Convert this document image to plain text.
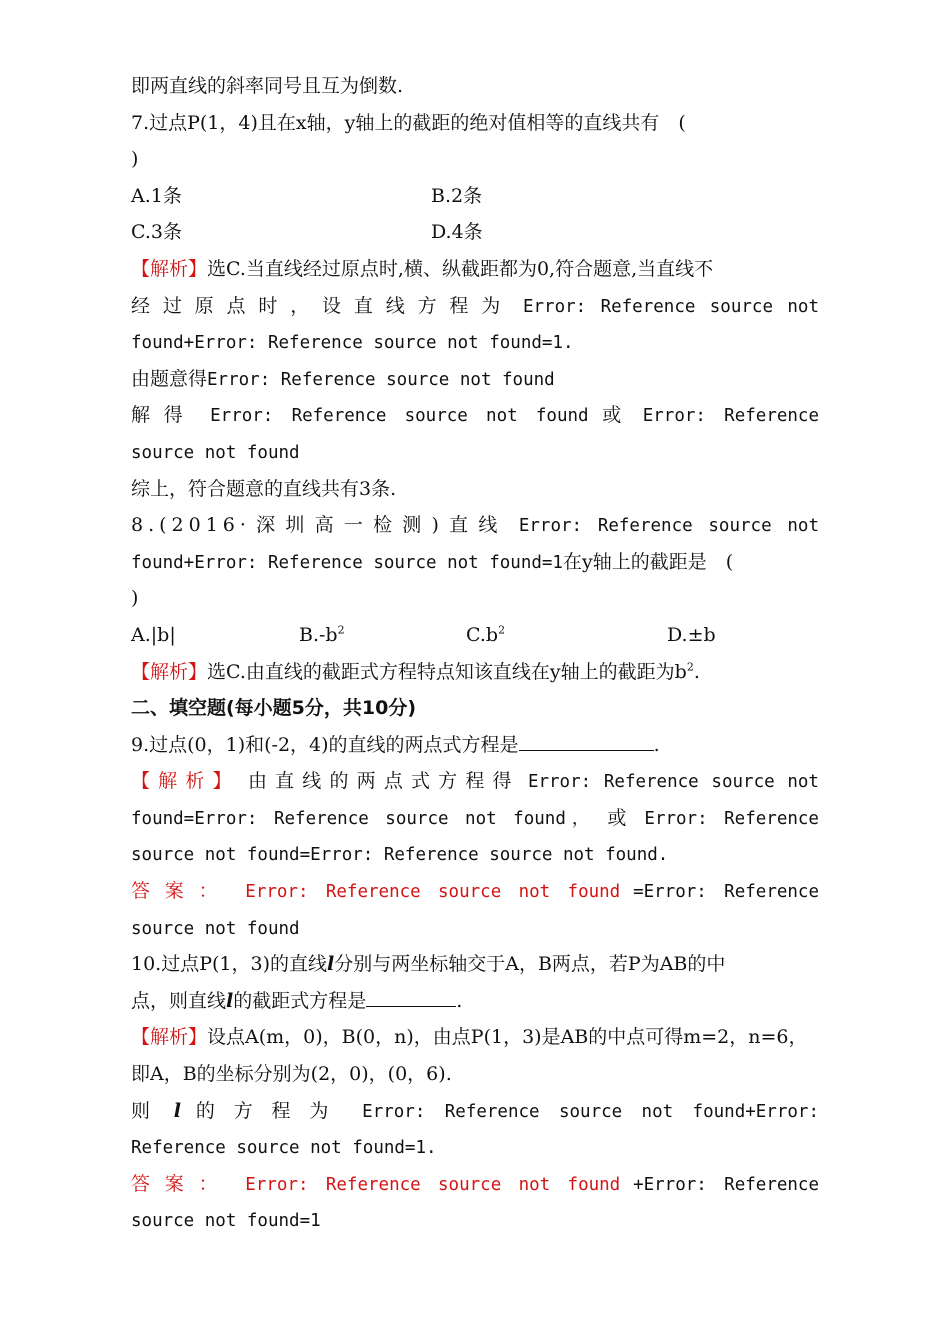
即两直线的斜率同号且互为倒数.
7.过点P(1，4)且在x轴，y轴上的截距的绝对值相等的直线共有　(
)
A.1条	B.2条
C.3条	D.4条
【解析】选C.当直线经过原点时,横、纵截距都为0,符合题意,当直线不
经过原点时，设直线方程为 Error: Reference source not
found+Error: Reference source not found=1.
由题意得Error: Reference source not found
解得 Error: Reference source not found 或 Error: Reference
source not found
综上，符合题意的直线共有3条.
8.(2016·深圳高一检测)直线 Error: Reference source not
found+Error: Reference source not found=1在y轴上的截距是　(
)
A.|b|	$B.-b^2$	$C.b^2$	D.±b
【解析】选C.由直线的截距式方程特点知该直线在y轴上的截距为$b^2$.
二、填空题(每小题5分，共10分)
9.过点(0，1)和(-2，4)的直线的两点式方程是	.
【解析】 由直线的两点式方程得 Error: Reference source not
found=Error: Reference source not found， 或 Error: Reference
source not found=Error: Reference source not found.
答案： Error: Reference source not found =Error: Reference
source not found
10.过点P(1，3)的直线l分别与两坐标轴交于A，B两点，若P为AB的中
点，则直线l的截距式方程是	.
【解析】设点A(m，0)，B(0，n)，由点P(1，3)是AB的中点可得m=2，n=6，
即A，B的坐标分别为(2，0)，(0，6).
则 l 的方程为 Error: Reference source not found+Error:
Reference source not found=1.
答案： Error: Reference source not found +Error: Reference
source not found=1
